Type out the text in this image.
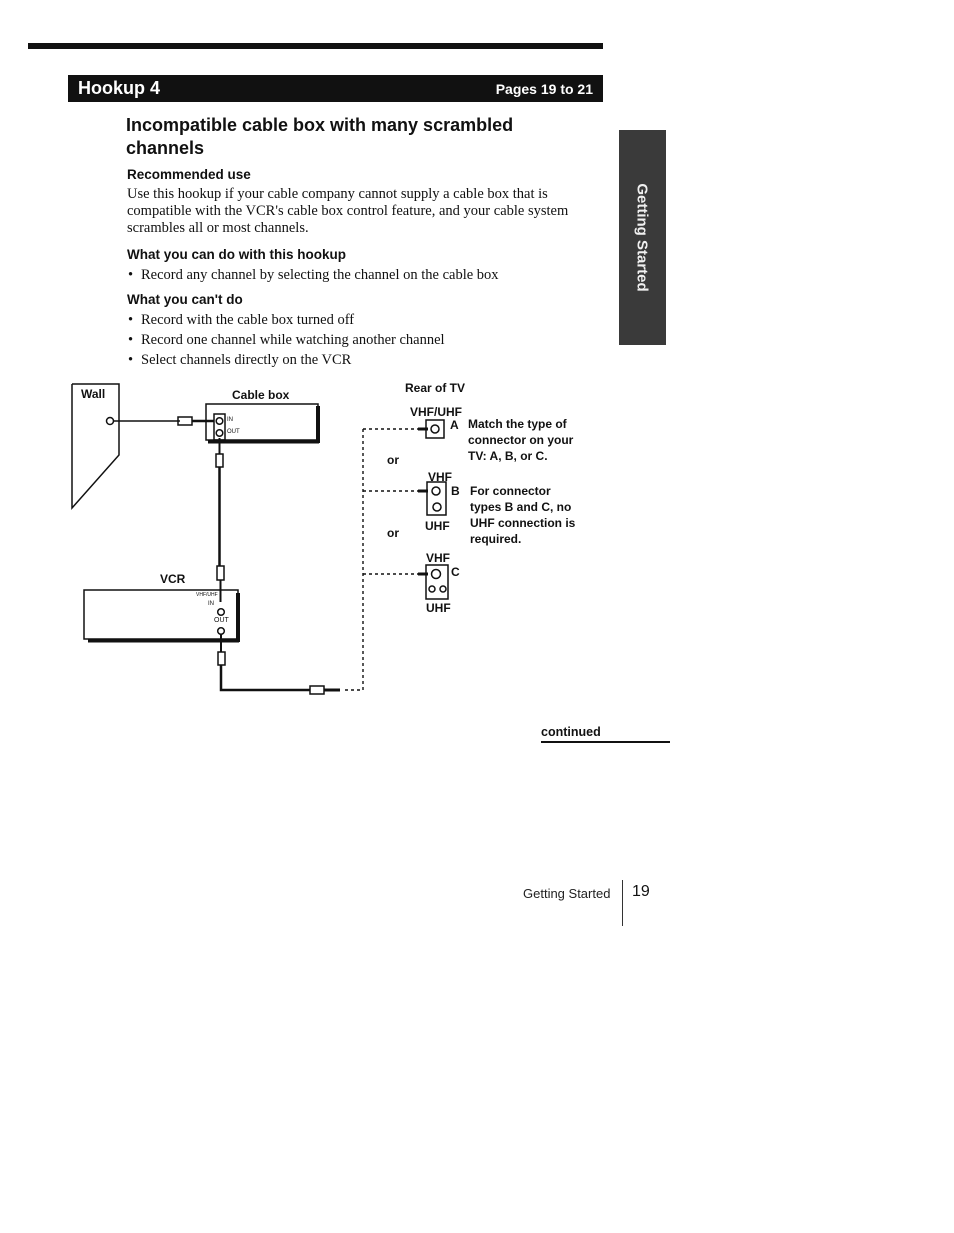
Hookup 4	Pages 19 to 21
Getting Started
Incompatible cable box with many scrambled channels
Recommended use
Use this hookup if your cable company cannot supply a cable box that is compatible with the VCR's cable box control feature, and your cable system scrambles all or most channels.
What you can do with this hookup
• Record any channel by selecting the channel on the cable box
What you can't do
• Record with the cable box turned off
• Record one channel while watching another channel
• Select channels directly on the VCR
Wall	Cable box
IN
OUT
VCR
VHF/UHF
IN
OUT
Rear of TV
VHF/UHF
A Match the type of connector on your TV: A, B, or C.
or
VHF
B For connector types B and C, no UHF connection is required.
UHF
or
VHF
C
UHF
continued
Getting Started 19
